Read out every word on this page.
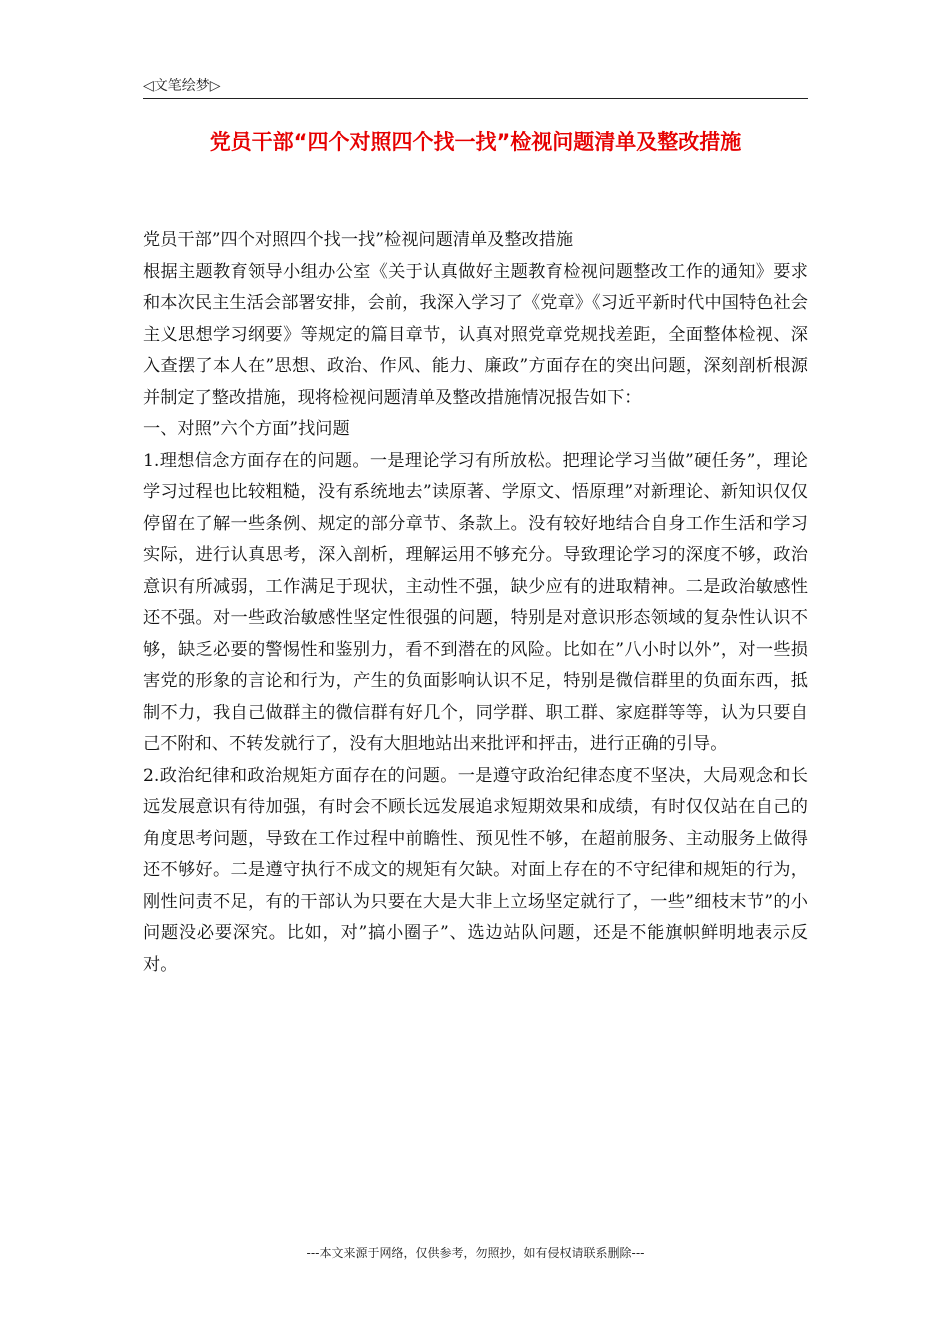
◁文笔绘梦▷
党员干部“四个对照四个找一找”检视问题清单及整改措施

党员干部”四个对照四个找一找”检视问题清单及整改措施

根据主题教育领导小组办公室《关于认真做好主题教育检视问题整改工作的通知》要求和本次民主生活会部署安排，会前，我深入学习了《党章》《习近平新时代中国特色社会主义思想学习纲要》等规定的篇目章节，认真对照党章党规找差距，全面整体检视、深入查摆了本人在”思想、政治、作风、能力、廉政”方面存在的突出问题，深刻剖析根源并制定了整改措施，现将检视问题清单及整改措施情况报告如下：

一、对照”六个方面”找问题

1.理想信念方面存在的问题。一是理论学习有所放松。把理论学习当做”硬任务”，理论学习过程也比较粗糙，没有系统地去”读原著、学原文、悟原理”对新理论、新知识仅仅停留在了解一些条例、规定的部分章节、条款上。没有较好地结合自身工作生活和学习实际，进行认真思考，深入剖析，理解运用不够充分。导致理论学习的深度不够，政治意识有所减弱，工作满足于现状，主动性不强，缺少应有的进取精神。二是政治敏感性还不强。对一些政治敏感性坚定性很强的问题，特别是对意识形态领域的复杂性认识不够，缺乏必要的警惕性和鉴别力，看不到潜在的风险。比如在”八小时以外”，对一些损害党的形象的言论和行为，产生的负面影响认识不足，特别是微信群里的负面东西，抵制不力，我自己做群主的微信群有好几个，同学群、职工群、家庭群等等，认为只要自己不附和、不转发就行了，没有大胆地站出来批评和抨击，进行正确的引导。

2.政治纪律和政治规矩方面存在的问题。一是遵守政治纪律态度不坚决，大局观念和长远发展意识有待加强，有时会不顾长远发展追求短期效果和成绩，有时仅仅站在自己的角度思考问题，导致在工作过程中前瞻性、预见性不够，在超前服务、主动服务上做得还不够好。二是遵守执行不成文的规矩有欠缺。对面上存在的不守纪律和规矩的行为，刚性问责不足，有的干部认为只要在大是大非上立场坚定就行了，一些”细枝末节”的小问题没必要深究。比如，对”搞小圈子”、选边站队问题，还是不能旗帜鲜明地表示反对。

---本文来源于网络，仅供参考，勿照抄，如有侵权请联系删除---
